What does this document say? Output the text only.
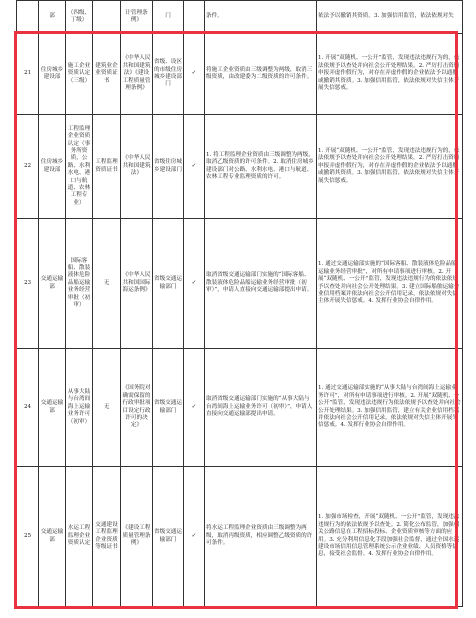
	部	（四级、丁级）		计管理条例》	门		条件。	依法予以撤销其资质。3. 加强信用监管，依法依规对失
21	住房城乡建设部	施工企业资质认定（三级）	建筑业企业资质证书	《中华人民共和国建筑法》《建设工程质量管理条例》	省级、设区的市级住房城乡建设部门	✓	将施工企业资质由三级调整为两级，取消三级资质，由改建委为二级资质的许可条件。	1. 开展“双随机、一公开”监管，发现违法违规行为的，依法依规予以查处并向社会公开处理结果。2. 严厉打击资质申报弄虚作假行为，对存在弄虚作假的企业依法予以通报或撤销其资质。3. 加强信用监管，依法依规对失信主体开展失信惩戒。
22	住房城乡建设部	工程监理企业资质认定（事务所资质，公路、水利水电、港口与航道、农林工程专业）	工程监理资质证书	《中华人民共和国建筑法》	省级住房城乡建设部门	✓	1. 将工程监理企业资质由三级调整为两级，取消乙级资质的许可条件。2. 取消住房城乡建设部门对公路、水利水电、港口与航道、农林工程专业监理资质的许可。	1. 开展“双随机、一公开”监管，发现违法违规行为的，依法依规予以查处并向社会公开处理结果。2. 严厉打击资质申报弄虚作假行为，对存在弄虚作假的企业依法予以通报或撤销其资质。3. 加强信用监管，依法依规对失信主体开展失信惩戒。
23	交通运输部	国际客船、散装液体危险品船运输业务经营审批（初审）	无	《中华人民共和国国际海运条例》	省级交通运输部门	✓	取消省级交通运输部门实施的“国际客船、散装液体危险品船运输业务经营审批（初审）”，申请人直接向交通运输部提出申请。	1. 通过交通运输部实施的“国际客船、散装液体危险品船运输业务经营审批”，对所有申请事项进行审核。2. 开展“双随机、一公开”监管，发现违法违规行为的依法依规予以查处并向社会公开处理结果。3. 建立国际船舶运输企业信用档案并依法向社会公开信用记录，依法依规对失信主体开展失信惩戒。4. 发挥行业协会自律作用。
24	交通运输部	从事大陆与台湾间海上运输业务许可（初审）	无	《国务院对确需保留的行政审批项目设定行政许可的决定》	省级交通运输部门	✓	取消省级交通运输部门实施的“从事大陆与台湾间海上运输业务许可（初审）”，申请人直接向交通运输部提出申请。	1. 通过交通运输部实施的“从事大陆与台湾间海上运输业务许可”，对所有申请事项进行审核。2. 开展“双随机、一公开”监管，发现违法违规行为依法依规予以查处并向社会公开处理结果。3. 加强信用监管，建立有关企业信用档案并依法向社会公开信用记录，依法依规对失信主体开展失信惩戒。4. 发挥行业协会自律作用。
25	交通运输部	水运工程监理企业资质认定	交通建设工程监理企业资质等级证书	《建设工程质量管理条例》	省级交通运输部门	✓	将水运工程监理企业资质由三级调整为两级，取消丙级资质，相应调整乙级资质的许可条件。	1. 加强市场检查，开展“双随机、一公开”监管，发现违法违规行为的依法依规予以查处。2. 简化公布监管，加强相关公路信息在工程招标投标、企业资质审核等方面的应用。3. 充分利用信息化手段加强社会监督，通过全国水运建设市场信用信息管理系统公示企业业绩、人员资格等信息，接受社会监督。4. 发挥行业协会自律作用。
